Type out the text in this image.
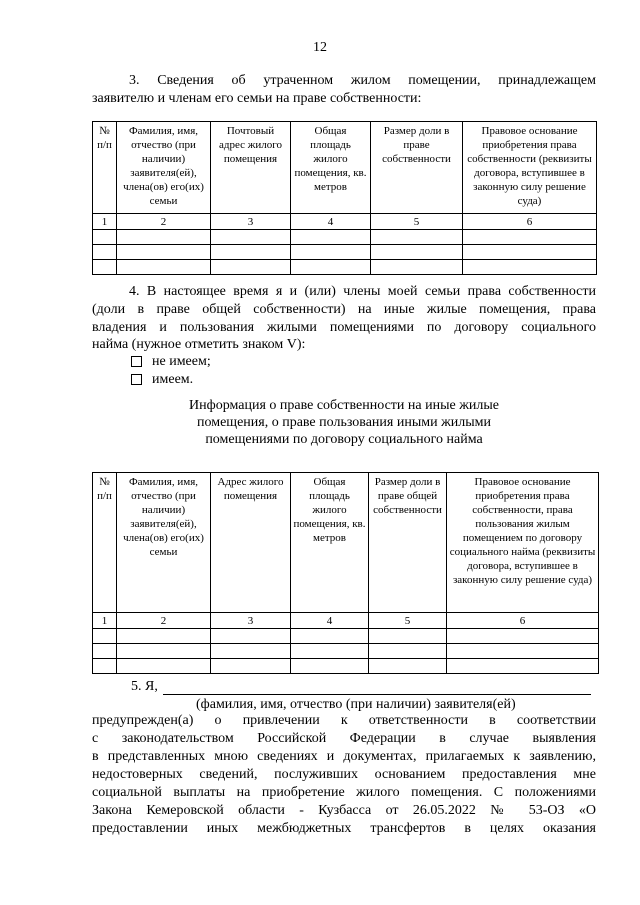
12
3. Сведения об утраченном жилом помещении, принадлежащем
заявителю и членам его семьи на праве собственности:
№ п/п	Фамилия, имя, отчество (при наличии) заявителя(ей), члена(ов) его(их) семьи	Почтовый адрес жилого помещения	Общая площадь жилого помещения, кв. метров	Размер доли в праве собственности	Правовое основание приобретения права собственности (реквизиты договора, вступившее в законную силу решение суда)
1	2	3	4	5	6

4. В настоящее время я и (или) члены моей семьи права собственности
(доли в праве общей собственности) на иные жилые помещения, права
владения и пользования жилыми помещениями по договору социального
найма (нужное отметить знаком V):
не имеем;
имеем.
Информация о праве собственности на иные жилые
помещения, о праве пользования иными жилыми
помещениями по договору социального найма
№ п/п	Фамилия, имя, отчество (при наличии) заявителя(ей), члена(ов) его(их) семьи	Адрес жилого помещения	Общая площадь жилого помещения, кв. метров	Размер доли в праве общей собственности	Правовое основание приобретения права собственности, права пользования жилым помещением по договору социального найма (реквизиты договора, вступившее в законную силу решение суда)
1	2	3	4	5	6

5. Я,
(фамилия, имя, отчество (при наличии) заявителя(ей)
предупрежден(а) о привлечении к ответственности в соответствии
с законодательством Российской Федерации в случае выявления
в представленных мною сведениях и документах, прилагаемых к заявлению,
недостоверных сведений, послуживших основанием предоставления мне
социальной выплаты на приобретение жилого помещения. С положениями
Закона Кемеровской области - Кузбасса от 26.05.2022 № 53-ОЗ «О
предоставлении иных межбюджетных трансфертов в целях оказания
